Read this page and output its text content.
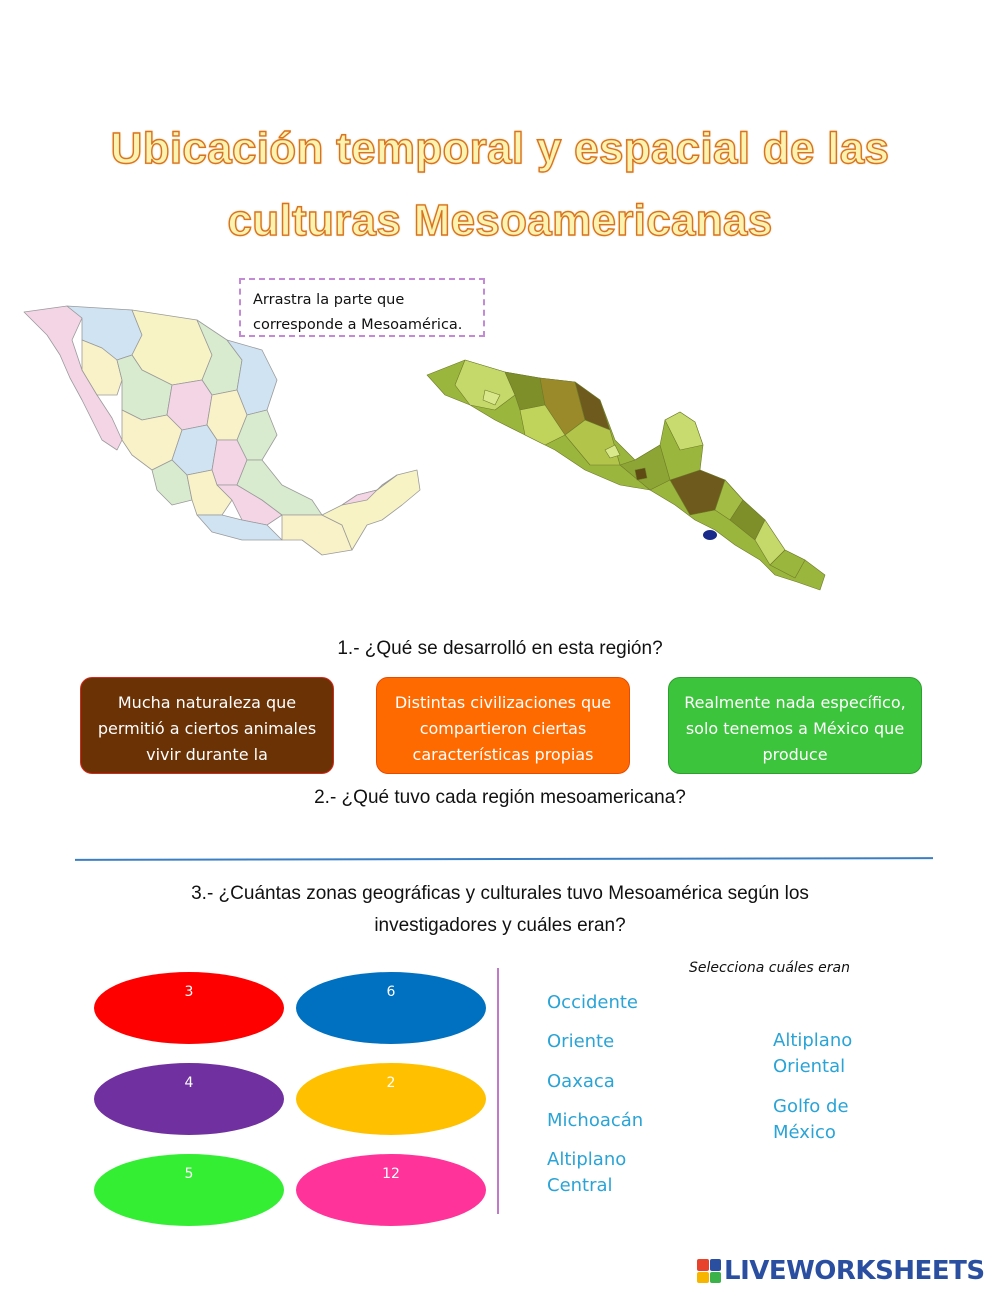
Ubicación temporal y espacial de las
culturas Mesoamericanas
Arrastra la parte que
corresponde a Mesoamérica.
1.- ¿Qué se desarrolló en esta región?
Mucha naturaleza que permitió a ciertos animales vivir durante la
Distintas civilizaciones que compartieron ciertas características propias
Realmente nada específico, solo tenemos a México que produce
2.- ¿Qué tuvo cada región mesoamericana?
3.- ¿Cuántas zonas geográficas y culturales tuvo Mesoamérica según los
investigadores y cuáles eran?
3	6
4	2
5	12
Selecciona cuáles eran
Occidente
Oriente
Oaxaca
Michoacán
Altiplano
Central
Altiplano
Oriental
Golfo de
México
LIVEWORKSHEETS
